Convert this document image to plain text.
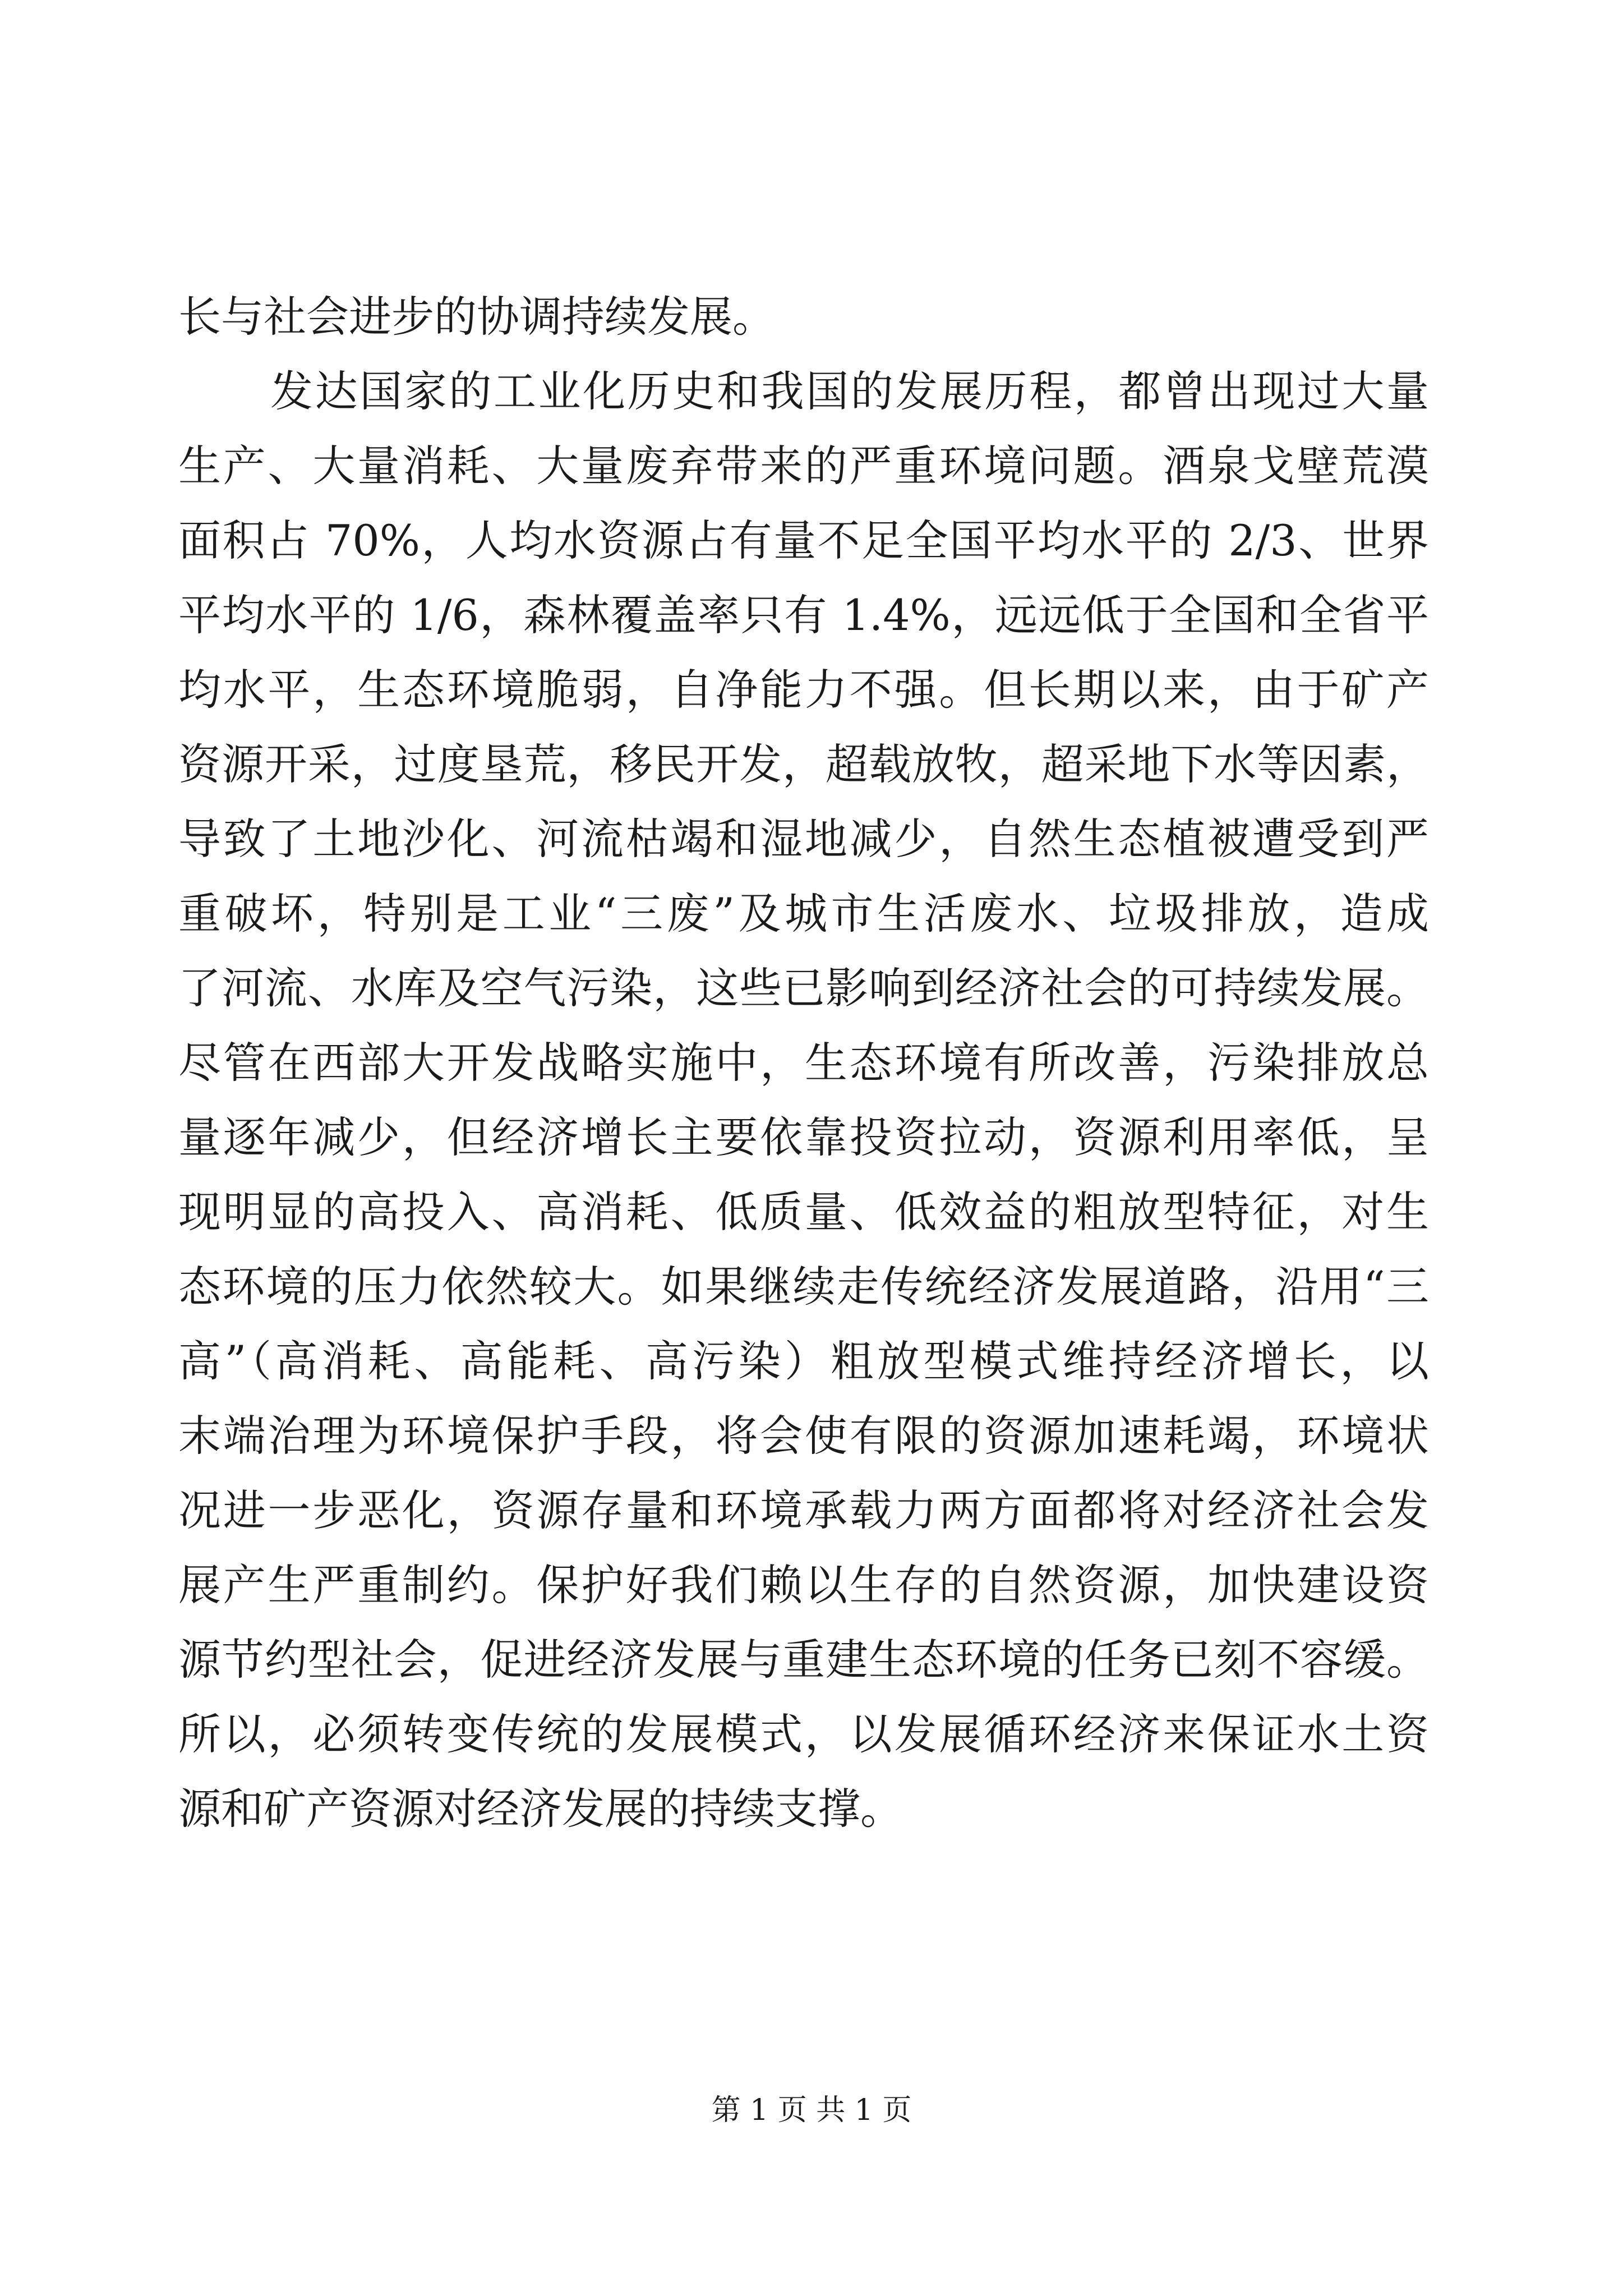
长与社会进步的协调持续发展。
发达国家的工业化历史和我国的发展历程，都曾出现过大量
生产、大量消耗、大量废弃带来的严重环境问题。酒泉戈壁荒漠
面积占 70%，人均水资源占有量不足全国平均水平的 2/3、世界
平均水平的 1/6，森林覆盖率只有 1.4%，远远低于全国和全省平
均水平，生态环境脆弱，自净能力不强。但长期以来，由于矿产
资源开采，过度垦荒，移民开发，超载放牧，超采地下水等因素，
导致了土地沙化、河流枯竭和湿地减少，自然生态植被遭受到严
重破坏，特别是工业“三废”及城市生活废水、垃圾排放，造成
了河流、水库及空气污染，这些已影响到经济社会的可持续发展。
尽管在西部大开发战略实施中，生态环境有所改善，污染排放总
量逐年减少，但经济增长主要依靠投资拉动，资源利用率低，呈
现明显的高投入、高消耗、低质量、低效益的粗放型特征，对生
态环境的压力依然较大。如果继续走传统经济发展道路，沿用“三
高”（高消耗、高能耗、高污染）粗放型模式维持经济增长，以
末端治理为环境保护手段，将会使有限的资源加速耗竭，环境状
况进一步恶化，资源存量和环境承载力两方面都将对经济社会发
展产生严重制约。保护好我们赖以生存的自然资源，加快建设资
源节约型社会，促进经济发展与重建生态环境的任务已刻不容缓。
所以，必须转变传统的发展模式，以发展循环经济来保证水土资
源和矿产资源对经济发展的持续支撑。
第 1 页 共 1 页
